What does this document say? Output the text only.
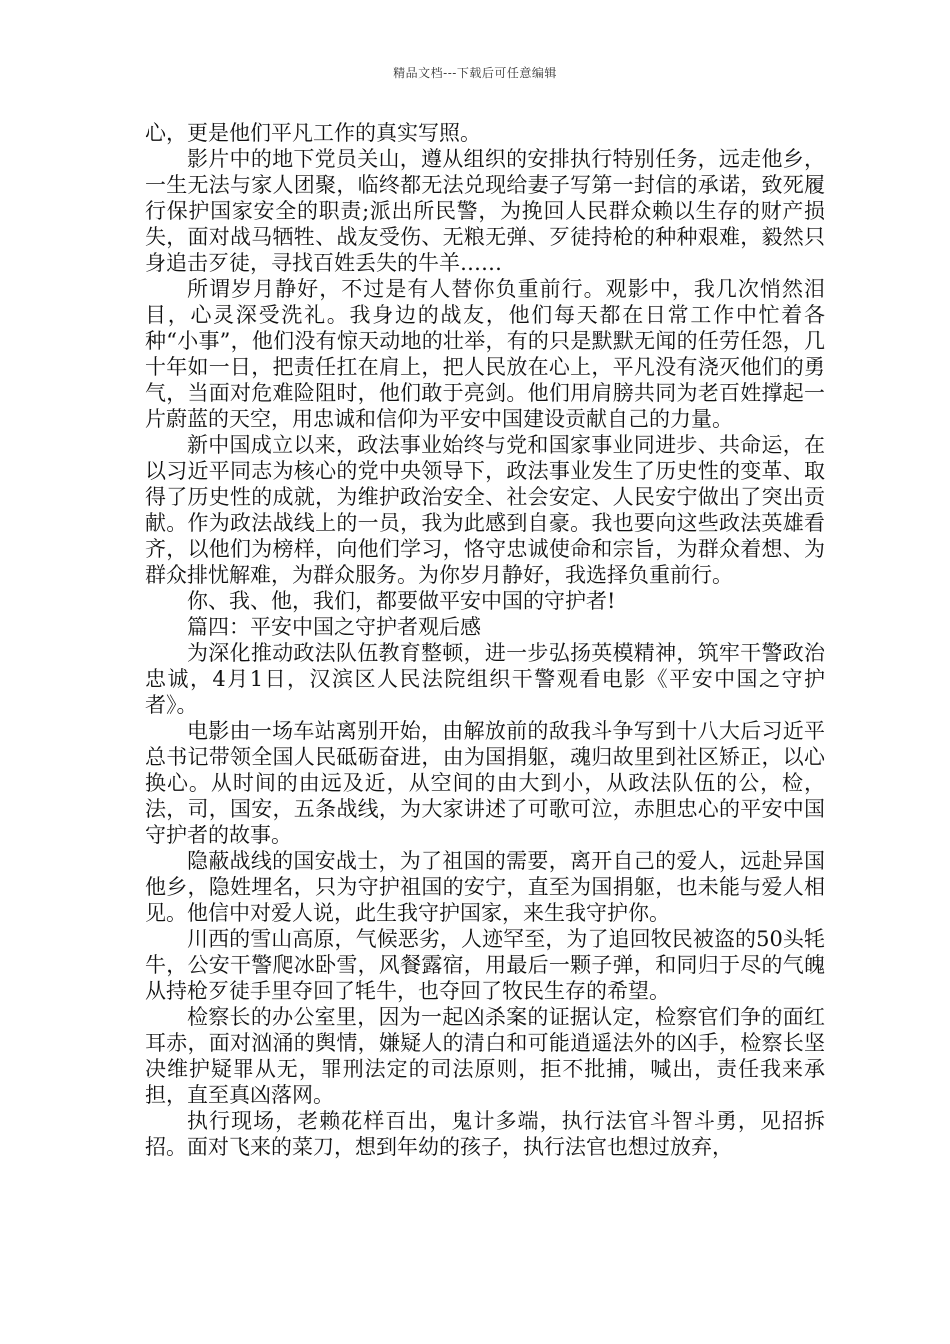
精品文档---下载后可任意编辑

心，更是他们平凡工作的真实写照。

影片中的地下党员关山，遵从组织的安排执行特别任务，远走他乡，一生无法与家人团聚，临终都无法兑现给妻子写第一封信的承诺，致死履行保护国家安全的职责;派出所民警，为挽回人民群众赖以生存的财产损失，面对战马牺牲、战友受伤、无粮无弹、歹徒持枪的种种艰难，毅然只身追击歹徒，寻找百姓丢失的牛羊……

所谓岁月静好，不过是有人替你负重前行。观影中，我几次悄然泪目，心灵深受洗礼。我身边的战友，他们每天都在日常工作中忙着各种“小事”，他们没有惊天动地的壮举，有的只是默默无闻的任劳任怨，几十年如一日，把责任扛在肩上，把人民放在心上，平凡没有浇灭他们的勇气，当面对危难险阻时，他们敢于亮剑。他们用肩膀共同为老百姓撑起一片蔚蓝的天空，用忠诚和信仰为平安中国建设贡献自己的力量。

新中国成立以来，政法事业始终与党和国家事业同进步、共命运，在以习近平同志为核心的党中央领导下，政法事业发生了历史性的变革、取得了历史性的成就，为维护政治安全、社会安定、人民安宁做出了突出贡献。作为政法战线上的一员，我为此感到自豪。我也要向这些政法英雄看齐，以他们为榜样，向他们学习，恪守忠诚使命和宗旨，为群众着想、为群众排忧解难，为群众服务。为你岁月静好，我选择负重前行。

你、我、他，我们，都要做平安中国的守护者!

篇四：平安中国之守护者观后感

为深化推动政法队伍教育整顿，进一步弘扬英模精神，筑牢干警政治忠诚，4月1日，汉滨区人民法院组织干警观看电影《平安中国之守护者》。

电影由一场车站离别开始，由解放前的敌我斗争写到十八大后习近平总书记带领全国人民砥砺奋进，由为国捐躯，魂归故里到社区矫正，以心换心。从时间的由远及近，从空间的由大到小，从政法队伍的公，检，法，司，国安，五条战线，为大家讲述了可歌可泣，赤胆忠心的平安中国守护者的故事。

隐蔽战线的国安战士，为了祖国的需要，离开自己的爱人，远赴异国他乡，隐姓埋名，只为守护祖国的安宁，直至为国捐躯，也未能与爱人相见。他信中对爱人说，此生我守护国家，来生我守护你。

川西的雪山高原，气候恶劣，人迹罕至，为了追回牧民被盗的50头牦牛，公安干警爬冰卧雪，风餐露宿，用最后一颗子弹，和同归于尽的气魄从持枪歹徒手里夺回了牦牛，也夺回了牧民生存的希望。

检察长的办公室里，因为一起凶杀案的证据认定，检察官们争的面红耳赤，面对汹涌的舆情，嫌疑人的清白和可能逍遥法外的凶手，检察长坚决维护疑罪从无，罪刑法定的司法原则，拒不批捕，喊出，责任我来承担，直至真凶落网。

执行现场，老赖花样百出，鬼计多端，执行法官斗智斗勇，见招拆招。面对飞来的菜刀，想到年幼的孩子，执行法官也想过放弃，
